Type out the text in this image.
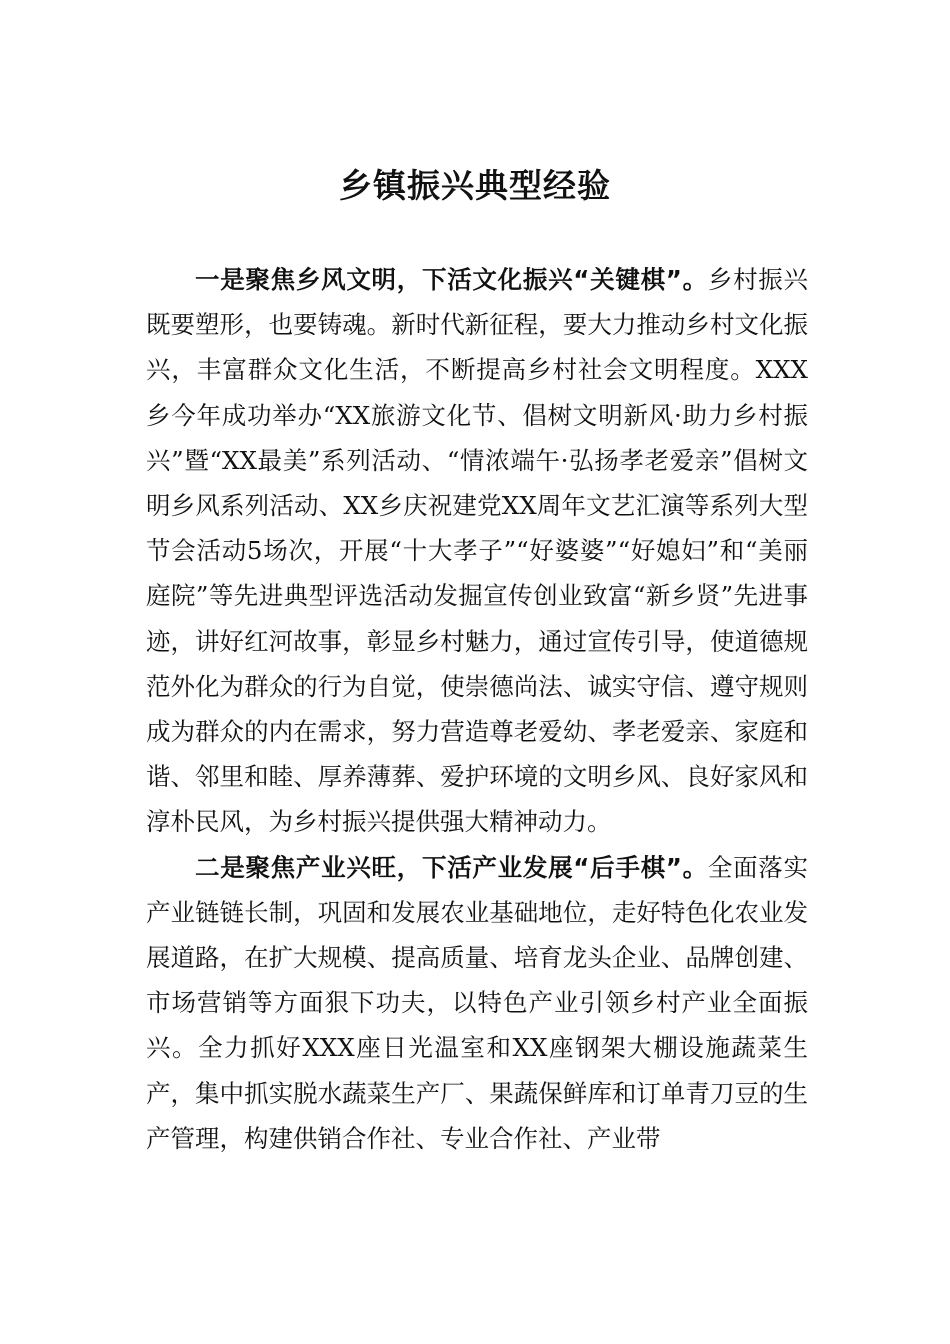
乡镇振兴典型经验

一是聚焦乡风文明，下活文化振兴“关键棋”。乡村振兴既要塑形，也要铸魂。新时代新征程，要大力推动乡村文化振兴，丰富群众文化生活，不断提高乡村社会文明程度。XXX乡今年成功举办“XX旅游文化节、倡树文明新风·助力乡村振兴”暨“XX最美”系列活动、“情浓端午·弘扬孝老爱亲”倡树文明乡风系列活动、XX乡庆祝建党XX周年文艺汇演等系列大型节会活动5场次，开展“十大孝子”“好婆婆”“好媳妇”和“美丽庭院”等先进典型评选活动发掘宣传创业致富“新乡贤”先进事迹，讲好红河故事，彰显乡村魅力，通过宣传引导，使道德规范外化为群众的行为自觉，使崇德尚法、诚实守信、遵守规则成为群众的内在需求，努力营造尊老爱幼、孝老爱亲、家庭和谐、邻里和睦、厚养薄葬、爱护环境的文明乡风、良好家风和淳朴民风，为乡村振兴提供强大精神动力。

二是聚焦产业兴旺，下活产业发展“后手棋”。全面落实产业链链长制，巩固和发展农业基础地位，走好特色化农业发展道路，在扩大规模、提高质量、培育龙头企业、品牌创建、市场营销等方面狠下功夫，以特色产业引领乡村产业全面振兴。全力抓好XXX座日光温室和XX座钢架大棚设施蔬菜生产，集中抓实脱水蔬菜生产厂、果蔬保鲜库和订单青刀豆的生产管理，构建供销合作社、专业合作社、产业带
